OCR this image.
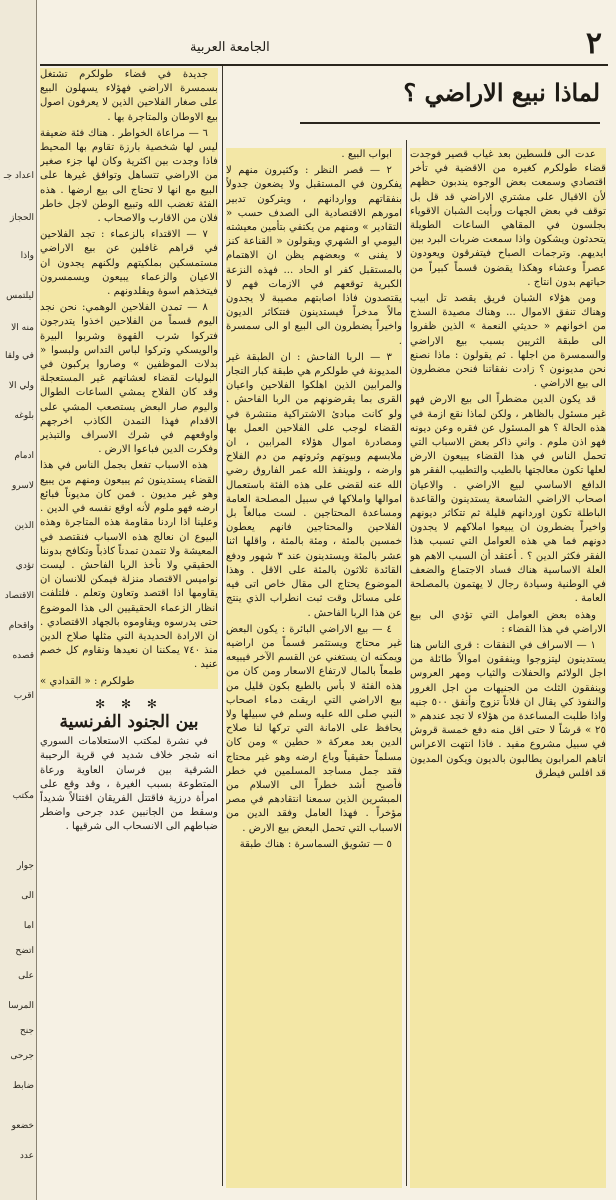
اعداد جـ
الحجاز
واذا
ليلتمس
منه الا
في ولقا
ولي الا
بلوغه
ادمام
لاسرو
الذين
تؤدي
الاقتصاد
واقحام
قصده
اقرب
مكتب
جوار
الى
اما
اتضح
على
المرسا
جنح
جرحى
ضابط
خضعو
عدد
٢
الجامعة العربية
لماذا نبيع الاراضي ؟

عدت الى فلسطين بعد غياب قصير فوجدت قضاء طولكرم كغيره من الاقضية في تأخر اقتصادي وسمعت بعض الوجوه يندبون حظهم لأن الاقبال على مشتري الاراضي قد قل بل توقف في بعض الجهات ورأيت الشبان الاقوياء بجلسون في المقاهي الساعات الطويلة يتحدثون ويشكون واذا سمعت ضربات البرد بين ايديهم. وترجمات الصباح فيتفرقون ويعودون عصراً وعشاء وهكذا يقضون قسماً كبيراً من حياتهم بدون انتاج .

ومن هؤلاء الشبان فريق يقصد تل ابيب وهناك تنفق الاموال ... وهناك مصيدة السذج من اخوانهم « حديثي النعمة » الذين ظفروا الى طبقة الثريين بسبب بيع الاراضي والسمسرة من اجلها . ثم يقولون : ماذا نصنع نحن مديونون ؟ زادت نفقاتنا فنحن مضطرون الى بيع الاراضي .

قد يكون الدين مضطراً الى بيع الارض فهو غير مسئول بالظاهر ، ولكن لماذا نقع ازمة في هذه الحالة ؟ هو المسئول عن فقره وعن ديونه فهو اذن ملوم . واني ذاكر بعض الاسباب التي تحمل الناس في هذا القضاء يبيعون الارض لعلها تكون معالجتها بالطيب والتطبيب الفقر هو الدافع الاساسي لبيع الاراضي . والاعيان اصحاب الاراضي الشاسعة يستدينون والقاعدة الباطلة تكون اوردانهم قليلة ثم تتكاثر ديونهم واخيراً يضطرون ان يبيعوا املاكهم لا يجدون دونهم فما هي هذه العوامل التي تسبب هذا الفقر فكثر الدين ؟ . أعتقد أن السبب الاهم هو العلة الاساسية هناك فساد الاجتماع والضعف في الوطنية وسيادة رجال لا يهتمون بالمصلحة العامة .

وهذه بعض العوامل التي تؤدي الى بيع الاراضي في هذا القضاء :

١ — الاسراف في النفقات : قرى الناس هنا يستدينون ليتزوجوا وينفقون اموالاً طائلة من اجل الولائم والحفلات والثياب ومهر العروس وينفقون الثلث من الجنيهات من اجل الغرور والنفوذ كي يقال ان فلاناً تزوج وأنفق ٥٠٠ جنيه واذا طلبت المساعدة من هؤلاء لا تجد عندهم « ٢٥ » قرشاً لا حتى اقل منه دفع خمسة قروش في سبيل مشروع مفيد . فاذا انتهت الاعراس اتاهم المرابون يطالبون بالديون ويكون المديون قد افلس فيطرق

ابواب البيع .

٢ — قصر النظر : وكثيرون منهم لا يفكرون في المستقبل ولا يضعون جدولاً بنفقاتهم وواردانهم ، ويتركون تدبير امورهم الاقتصادية الى الصدف حسب « التقادير » ومنهم من يكتفي بتأمين معيشته اليومي او الشهري ويقولون « القناعة كنز لا يفنى » وبعضهم يظن ان الاهتمام بالمستقبل كفر او الحاد ... فهذه النزعة الكبرية توقعهم في الازمات فهم لا يقتصدون فاذا اصابتهم مصيبة لا يجدون مالاً مدخراً فيستدينون فتتكاثر الديون واخيراً يضطرون الى البيع او الى سمسرة .

٣ — الربا الفاحش : ان الطبقة غير المديونة في طولكرم هي طبقة كبار التجار والمرابين الذين اهلكوا الفلاحين واعيان القرى بما يقرضونهم من الربا الفاحش . ولو كانت مبادئ الاشتراكية منتشرة في القضاء لوجب على الفلاحين العمل بها ومصادرة اموال هؤلاء المرابين ، ان ملابسهم وبيوتهم وثروتهم من دم الفلاح وارضه ، ولوينفذ الله عمر الفاروق رضي الله عنه لقضى على هذه الفئة باستعمال اموالها واملاكها في سبيل المصلحة العامة ومساعدة المحتاجين . لست مبالغاً بل الفلاحين والمحتاجين فانهم يعطون خمسين بالمئة ، ومئة بالمئة ، واقلها اثنا عشر بالمئة ويستدينون عند ٣ شهور ودفع القائدة ثلاثون بالمئة على الاقل . وهذا الموضوع يحتاج الى مقال خاص اتى فيه على مسائل وقت ثبت انطراب الذي ينتج عن هذا الربا الفاحش .

٤ — بيع الاراضي البائرة : يكون البعض غير محتاج ويستثمر قسماً من اراضيه ويمكنه ان يستغني عن القسم الآخر فيبيعه طمعاً بالمال لارتفاع الاسعار ومن كان من هذه الفئة لا بأس بالطبع بكون قليل من بيع الاراضي التي اريقت دماء اصحاب النبي صلى الله عليه وسلم في سبيلها ولا يحافظ على الامانة التي تركها لنا صلاح الدين بعد معركة « حطين » ومن كان مسلماً حقيقياً وباع ارضه وهو غير محتاج فقد جمل مساجد المسلمين في خطر فأصبح أشد خطراً الى الاسلام من المبشرين الذين سمعنا انتقادهم في مصر مؤخراً . فهذا العامل وفقد الدين من الاسباب التي تحمل البعض بيع الارض .

٥ — تشويق السماسرة : هناك طبقة

جديدة في قضاء طولكرم تشتغل بسمسرة الاراضي فهؤلاء يسهلون البيع على صغار الفلاحين الذين لا يعرفون اصول بيع الاوطان والمتاجرة بها .

٦ — مراعاة الخواطر . هناك فئة ضعيفة ليس لها شخصية بارزة تقاوم بها المحيط فاذا وجدت بين اكثرية وكان لها جزء صغير من الاراضي تتساهل وتوافق غيرها على البيع مع انها لا تحتاج الى بيع ارضها . هذه الفئة تغضب الله وتبيع الوطن لاجل خاطر فلان من الاقارب والاصحاب .

٧ — الاقتداء بالزعماء : تجد الفلاحين في قراهم غافلين عن بيع الاراضي مستمسكين بملكيتهم ولكنهم يجدون ان الاعيان والزعماء يبيعون ويسمسرون فيتخذهم اسوة ويقلدونهم .

٨ — تمدن الفلاحين الوهمي: نحن نجد اليوم قسماً من الفلاحين اخذوا يتدرجون فتركوا شرب القهوة وشربوا البيرة والويسكي وتركوا لباس التداس ولبسوا « بدلات الموظفين » وصاروا يركبون في البوليات لقضاء لعشاتهم غير المستعجلة وقد كان الفلاح يمشي الساعات الطوال واليوم صار البعض يستصعب المشي على الاقدام فهذا التمدن الكاذب اخرجهم واوقعهم في شرك الاسراف والتبذير وفكرت الدين فباعوا الارض .

هذه الاسباب تفعل بجمل الناس في هذا القضاء يستدينون ثم يبيعون ومنهم من يبيع وهو غير مديون . فمن كان مديوناً فبائع ارضه فهو ملوم لأنه اوقع نفسه في الدين . وعلينا اذا اردنا مقاومة هذه المتاجرة وهذه البيوع ان نعالج هذه الاسباب فنقتصد في المعيشة ولا تتمدن تمدناً كاذباً وتكافح بدوننا الحقيقي ولا نأخذ الربا الفاحش . ليست نواميس الاقتصاد منزلة فيمكن للانسان ان يقاومها اذا اقتصد وتعاون وتعلم . فلتلفت انظار الزعماء الحقيقيين الى هذا الموضوع حتى يدرسوه ويقاوموه بالجهاد الاقتصادي . ان الارادة الحديدية التي مثلها صلاح الدين منذ ٧٤٠ يمكننا ان نعيدها ونقاوم كل خصم عنيد .

طولكرم : « القدادي »

✻ ✻ ✻
بين الجنود الفرنسية

في نشرة لمكتب الاستعلامات السوري انه شجر خلاف شديد في قرية الرحيبة الشرقية بين فرسان العاوية ورعاة المتطوعة بسبب الغيرة ، وقد وقع على امرأة درزية فاقتتل الفريقان اقتتالاً شديداً وسقط من الجانبين عدد جرحى واضطر ضباطهم الى الانسحاب الى شرقيها .
